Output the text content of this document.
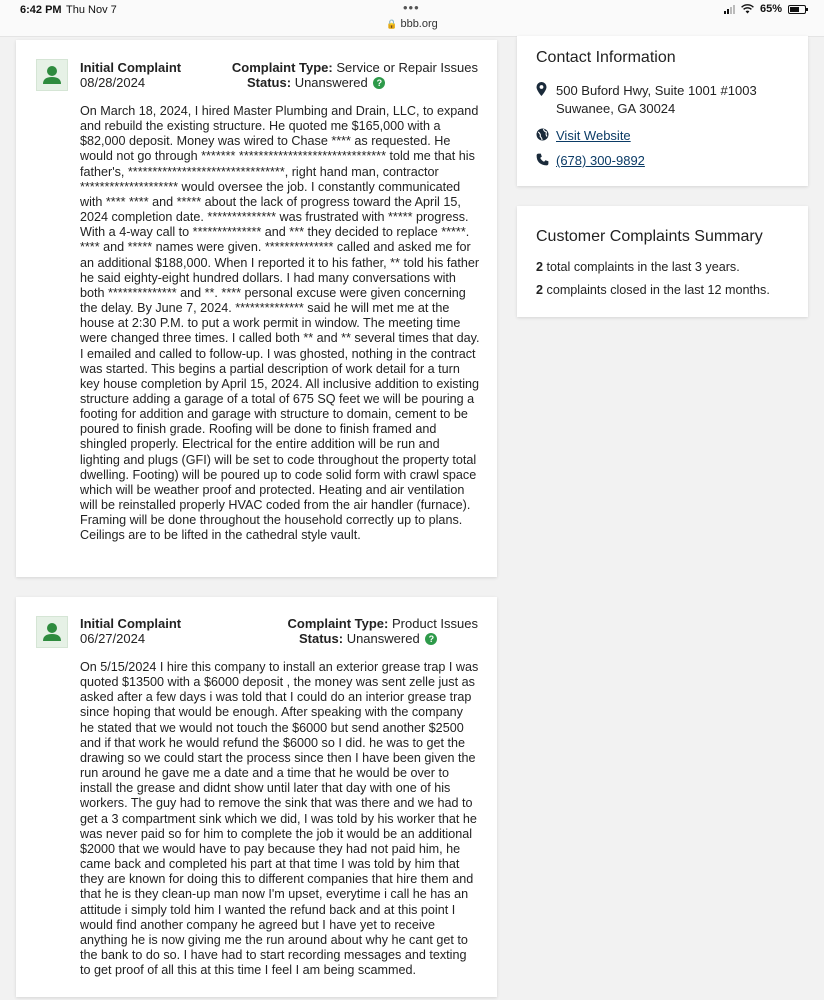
6:42 PM Thu Nov 7	•••
🔒 bbb.org
65%
Initial Complaint
08/28/2024
Complaint Type: Service or Repair Issues
Status: Unanswered ?

On March 18, 2024, I hired Master Plumbing and Drain, LLC, to expand and rebuild the existing structure. He quoted me $165,000 with a $82,000 deposit. Money was wired to Chase **** as requested. He would not go through ******* ****************************** told me that his father's, ********************************, right hand man, contractor ******************** would oversee the job. I constantly communicated with **** **** and ***** about the lack of progress toward the April 15, 2024 completion date. ************** was frustrated with ***** progress. With a 4-way call to ************** and *** they decided to replace *****. **** and ***** names were given. ************** called and asked me for an additional $188,000. When I reported it to his father, ** told his father he said eighty-eight hundred dollars. I had many conversations with both ************** and **. **** personal excuse were given concerning the delay. By June 7, 2024. ************** said he will met me at the house at 2:30 P.M. to put a work permit in window. The meeting time were changed three times. I called both ** and ** several times that day. I emailed and called to follow-up. I was ghosted, nothing in the contract was started. This begins a partial description of work detail for a turn key house completion by April 15, 2024. All inclusive addition to existing structure adding a garage of a total of 675 SQ feet we will be pouring a footing for addition and garage with structure to domain, cement to be poured to finish grade. Roofing will be done to finish framed and shingled properly. Electrical for the entire addition will be run and lighting and plugs (GFI) will be set to code throughout the property total dwelling. Footing) will be poured up to code solid form with crawl space which will be weather proof and protected. Heating and air ventilation will be reinstalled properly HVAC coded from the air handler (furnace). Framing will be done throughout the household correctly up to plans. Ceilings are to be lifted in the cathedral style vault.

Initial Complaint
06/27/2024
Complaint Type: Product Issues
Status: Unanswered ?

On 5/15/2024 I hire this company to install an exterior grease trap I was quoted $13500 with a $6000 deposit , the money was sent zelle just as asked after a few days i was told that I could do an interior grease trap since hoping that would be enough. After speaking with the company he stated that we would not touch the $6000 but send another $2500 and if that work he would refund the $6000 so I did. he was to get the drawing so we could start the process since then I have been given the run around he gave me a date and a time that he would be over to install the grease and didnt show until later that day with one of his workers. The guy had to remove the sink that was there and we had to get a 3 compartment sink which we did, I was told by his worker that he was never paid so for him to complete the job it would be an additional $2000 that we would have to pay because they had not paid him, he came back and completed his part at that time I was told by him that they are known for doing this to different companies that hire them and that he is they clean-up man now I'm upset, everytime i call he has an attitude i simply told him I wanted the refund back and at this point I would find another company he agreed but I have yet to receive anything he is now giving me the run around about why he cant get to the bank to do so. I have had to start recording messages and texting to get proof of all this at this time I feel I am being scammed.

Contact Information
500 Buford Hwy, Suite 1001 #1003
Suwanee, GA 30024
Visit Website
(678) 300-9892
Customer Complaints Summary
2 total complaints in the last 3 years.
2 complaints closed in the last 12 months.
